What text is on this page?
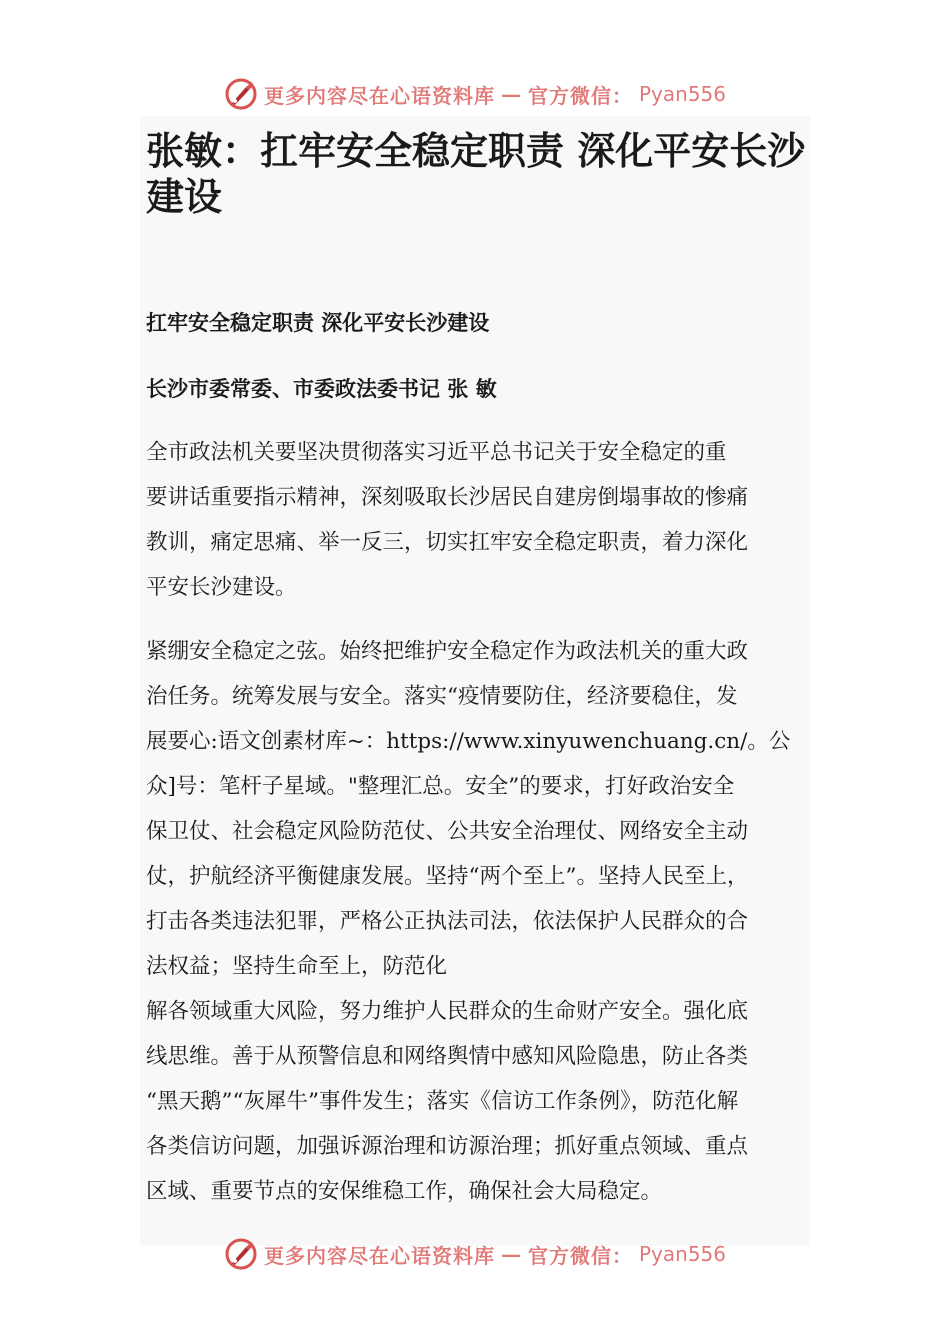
更多内容尽在心语资料库 — 官方微信： Pyan556
张敏：扛牢安全稳定职责 深化平安长沙
建设
扛牢安全稳定职责 深化平安长沙建设
长沙市委常委、市委政法委书记 张 敏
全市政法机关要坚决贯彻落实习近平总书记关于安全稳定的重
要讲话重要指示精神，深刻吸取长沙居民自建房倒塌事故的惨痛
教训，痛定思痛、举一反三，切实扛牢安全稳定职责，着力深化
平安长沙建设。
紧绷安全稳定之弦。始终把维护安全稳定作为政法机关的重大政
治任务。统筹发展与安全。落实“疫情要防住，经济要稳住，发
展要心:语文创素材库~：https://www.xinyuwenchuang.cn/。公
众]号：笔杆子星域。"整理汇总。安全”的要求，打好政治安全
保卫仗、社会稳定风险防范仗、公共安全治理仗、网络安全主动
仗，护航经济平衡健康发展。坚持“两个至上”。坚持人民至上，
打击各类违法犯罪，严格公正执法司法，依法保护人民群众的合
法权益；坚持生命至上，防范化
解各领域重大风险，努力维护人民群众的生命财产安全。强化底
线思维。善于从预警信息和网络舆情中感知风险隐患，防止各类
“黑天鹅”“灰犀牛”事件发生；落实《信访工作条例》，防范化解
各类信访问题，加强诉源治理和访源治理；抓好重点领域、重点
区域、重要节点的安保维稳工作，确保社会大局稳定。
更多内容尽在心语资料库 — 官方微信： Pyan556
